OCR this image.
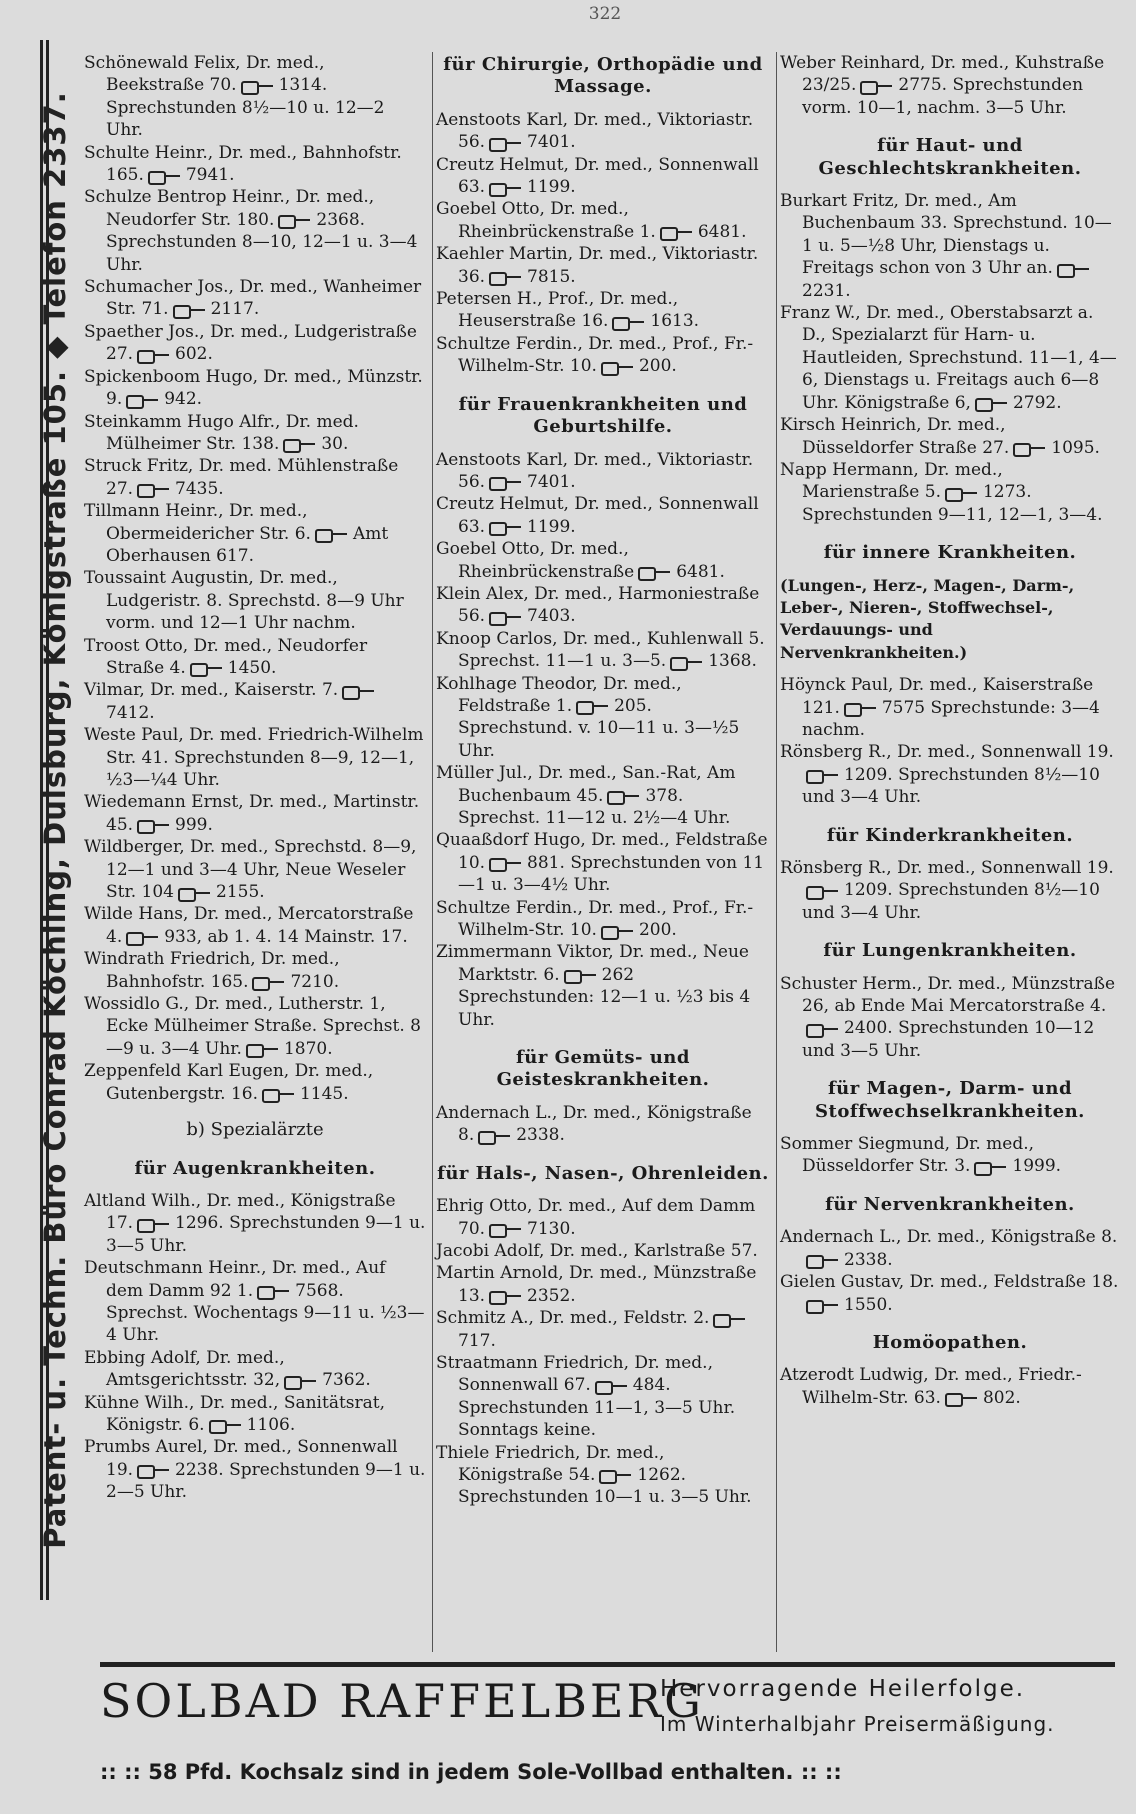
322
Patent- u. Techn. Büro Conrad Köchling, Duisburg, Königstraße 105. ◆ Telefon 2337.
Schönewald Felix, Dr. med., Beekstraße 70. 1314. Sprechstunden 8½—10 u. 12—2 Uhr.
Schulte Heinr., Dr. med., Bahnhofstr. 165. 7941.
Schulze Bentrop Heinr., Dr. med., Neudorfer Str. 180. 2368. Sprechstunden 8—10, 12—1 u. 3—4 Uhr.
Schumacher Jos., Dr. med., Wanheimer Str. 71. 2117.
Spaether Jos., Dr. med., Ludgeristraße 27. 602.
Spickenboom Hugo, Dr. med., Münzstr. 9. 942.
Steinkamm Hugo Alfr., Dr. med. Mülheimer Str. 138. 30.
Struck Fritz, Dr. med. Mühlenstraße 27. 7435.
Tillmann Heinr., Dr. med., Obermeidericher Str. 6. Amt Oberhausen 617.
Toussaint Augustin, Dr. med., Ludgeristr. 8. Sprechstd. 8—9 Uhr vorm. und 12—1 Uhr nachm.
Troost Otto, Dr. med., Neudorfer Straße 4. 1450.
Vilmar, Dr. med., Kaiserstr. 7.7412.
Weste Paul, Dr. med. Friedrich-Wilhelm Str. 41. Sprechstunden 8—9, 12—1, ½3—¼4 Uhr.
Wiedemann Ernst, Dr. med., Martinstr. 45. 999.
Wildberger, Dr. med., Sprechstd. 8—9, 12—1 und 3—4 Uhr, Neue Weseler Str. 104 2155.
Wilde Hans, Dr. med., Mercatorstraße 4. 933, ab 1. 4. 14 Mainstr. 17.
Windrath Friedrich, Dr. med., Bahnhofstr. 165. 7210.
Wossidlo G., Dr. med., Lutherstr. 1, Ecke Mülheimer Straße. Sprechst. 8—9 u. 3—4 Uhr. 1870.
Zeppenfeld Karl Eugen, Dr. med., Gutenbergstr. 16. 1145.
b) Spezialärzte
für Augenkrankheiten.
Altland Wilh., Dr. med., Königstraße 17. 1296. Sprechstunden 9—1 u. 3—5 Uhr.
Deutschmann Heinr., Dr. med., Auf dem Damm 92 1. 7568. Sprechst. Wochentags 9—11 u. ½3—4 Uhr.
Ebbing Adolf, Dr. med., Amtsgerichtsstr. 32, 7362.
Kühne Wilh., Dr. med., Sanitätsrat, Königstr. 6. 1106.
Prumbs Aurel, Dr. med., Sonnenwall 19. 2238. Sprechstunden 9—1 u. 2—5 Uhr.
für Chirurgie, Orthopädie und Massage.
Aenstoots Karl, Dr. med., Viktoriastr. 56. 7401.
Creutz Helmut, Dr. med., Sonnenwall 63. 1199.
Goebel Otto, Dr. med., Rheinbrückenstraße 1. 6481.
Kaehler Martin, Dr. med., Viktoriastr. 36. 7815.
Petersen H., Prof., Dr. med., Heuserstraße 16. 1613.
Schultze Ferdin., Dr. med., Prof., Fr.-Wilhelm-Str. 10. 200.
für Frauenkrankheiten und Geburtshilfe.
Aenstoots Karl, Dr. med., Viktoriastr. 56. 7401.
Creutz Helmut, Dr. med., Sonnenwall 63. 1199.
Goebel Otto, Dr. med., Rheinbrückenstraße 6481.
Klein Alex, Dr. med., Harmoniestraße 56. 7403.
Knoop Carlos, Dr. med., Kuhlenwall 5. Sprechst. 11—1 u. 3—5. 1368.
Kohlhage Theodor, Dr. med., Feldstraße 1. 205. Sprechstund. v. 10—11 u. 3—½5 Uhr.
Müller Jul., Dr. med., San.-Rat, Am Buchenbaum 45. 378. Sprechst. 11—12 u. 2½—4 Uhr.
Quaaßdorf Hugo, Dr. med., Feldstraße 10. 881. Sprechstunden von 11—1 u. 3—4½ Uhr.
Schultze Ferdin., Dr. med., Prof., Fr.-Wilhelm-Str. 10. 200.
Zimmermann Viktor, Dr. med., Neue Marktstr. 6. 262 Sprechstunden: 12—1 u. ½3 bis 4 Uhr.
für Gemüts- und Geisteskrankheiten.
Andernach L., Dr. med., Königstraße 8. 2338.
für Hals-, Nasen-, Ohrenleiden.
Ehrig Otto, Dr. med., Auf dem Damm 70. 7130.
Jacobi Adolf, Dr. med., Karlstraße 57.
Martin Arnold, Dr. med., Münzstraße 13. 2352.
Schmitz A., Dr. med., Feldstr. 2.717.
Straatmann Friedrich, Dr. med., Sonnenwall 67. 484. Sprechstunden 11—1, 3—5 Uhr. Sonntags keine.
Thiele Friedrich, Dr. med., Königstraße 54. 1262. Sprechstunden 10—1 u. 3—5 Uhr.
Weber Reinhard, Dr. med., Kuhstraße 23/25. 2775. Sprechstunden vorm. 10—1, nachm. 3—5 Uhr.
für Haut- und Geschlechtskrankheiten.
Burkart Fritz, Dr. med., Am Buchenbaum 33. Sprechstund. 10—1 u. 5—½8 Uhr, Dienstags u. Freitags schon von 3 Uhr an.2231.
Franz W., Dr. med., Oberstabsarzt a. D., Spezialarzt für Harn- u. Hautleiden, Sprechstund. 11—1, 4—6, Dienstags u. Freitags auch 6—8 Uhr. Königstraße 6, 2792.
Kirsch Heinrich, Dr. med., Düsseldorfer Straße 27. 1095.
Napp Hermann, Dr. med., Marienstraße 5. 1273. Sprechstunden 9—11, 12—1, 3—4.
für innere Krankheiten.
(Lungen-, Herz-, Magen-, Darm-, Leber-, Nieren-, Stoffwechsel-, Verdauungs- und Nervenkrankheiten.)
Höynck Paul, Dr. med., Kaiserstraße 121. 7575 Sprechstunde: 3—4 nachm.
Rönsberg R., Dr. med., Sonnenwall 19.1209. Sprechstunden 8½—10 und 3—4 Uhr.
für Kinderkrankheiten.
Rönsberg R., Dr. med., Sonnenwall 19.1209. Sprechstunden 8½—10 und 3—4 Uhr.
für Lungenkrankheiten.
Schuster Herm., Dr. med., Münzstraße 26, ab Ende Mai Mercatorstraße 4.2400. Sprechstunden 10—12 und 3—5 Uhr.
für Magen-, Darm- und Stoffwechselkrankheiten.
Sommer Siegmund, Dr. med., Düsseldorfer Str. 3. 1999.
für Nervenkrankheiten.
Andernach L., Dr. med., Königstraße 8.2338.
Gielen Gustav, Dr. med., Feldstraße 18.1550.
Homöopathen.
Atzerodt Ludwig, Dr. med., Friedr.-Wilhelm-Str. 63. 802.
SOLBAD RAFFELBERG
Hervorragende Heilerfolge.
Im Winterhalbjahr Preisermäßigung.
:: :: 58 Pfd. Kochsalz sind in jedem Sole-Vollbad enthalten. :: ::
